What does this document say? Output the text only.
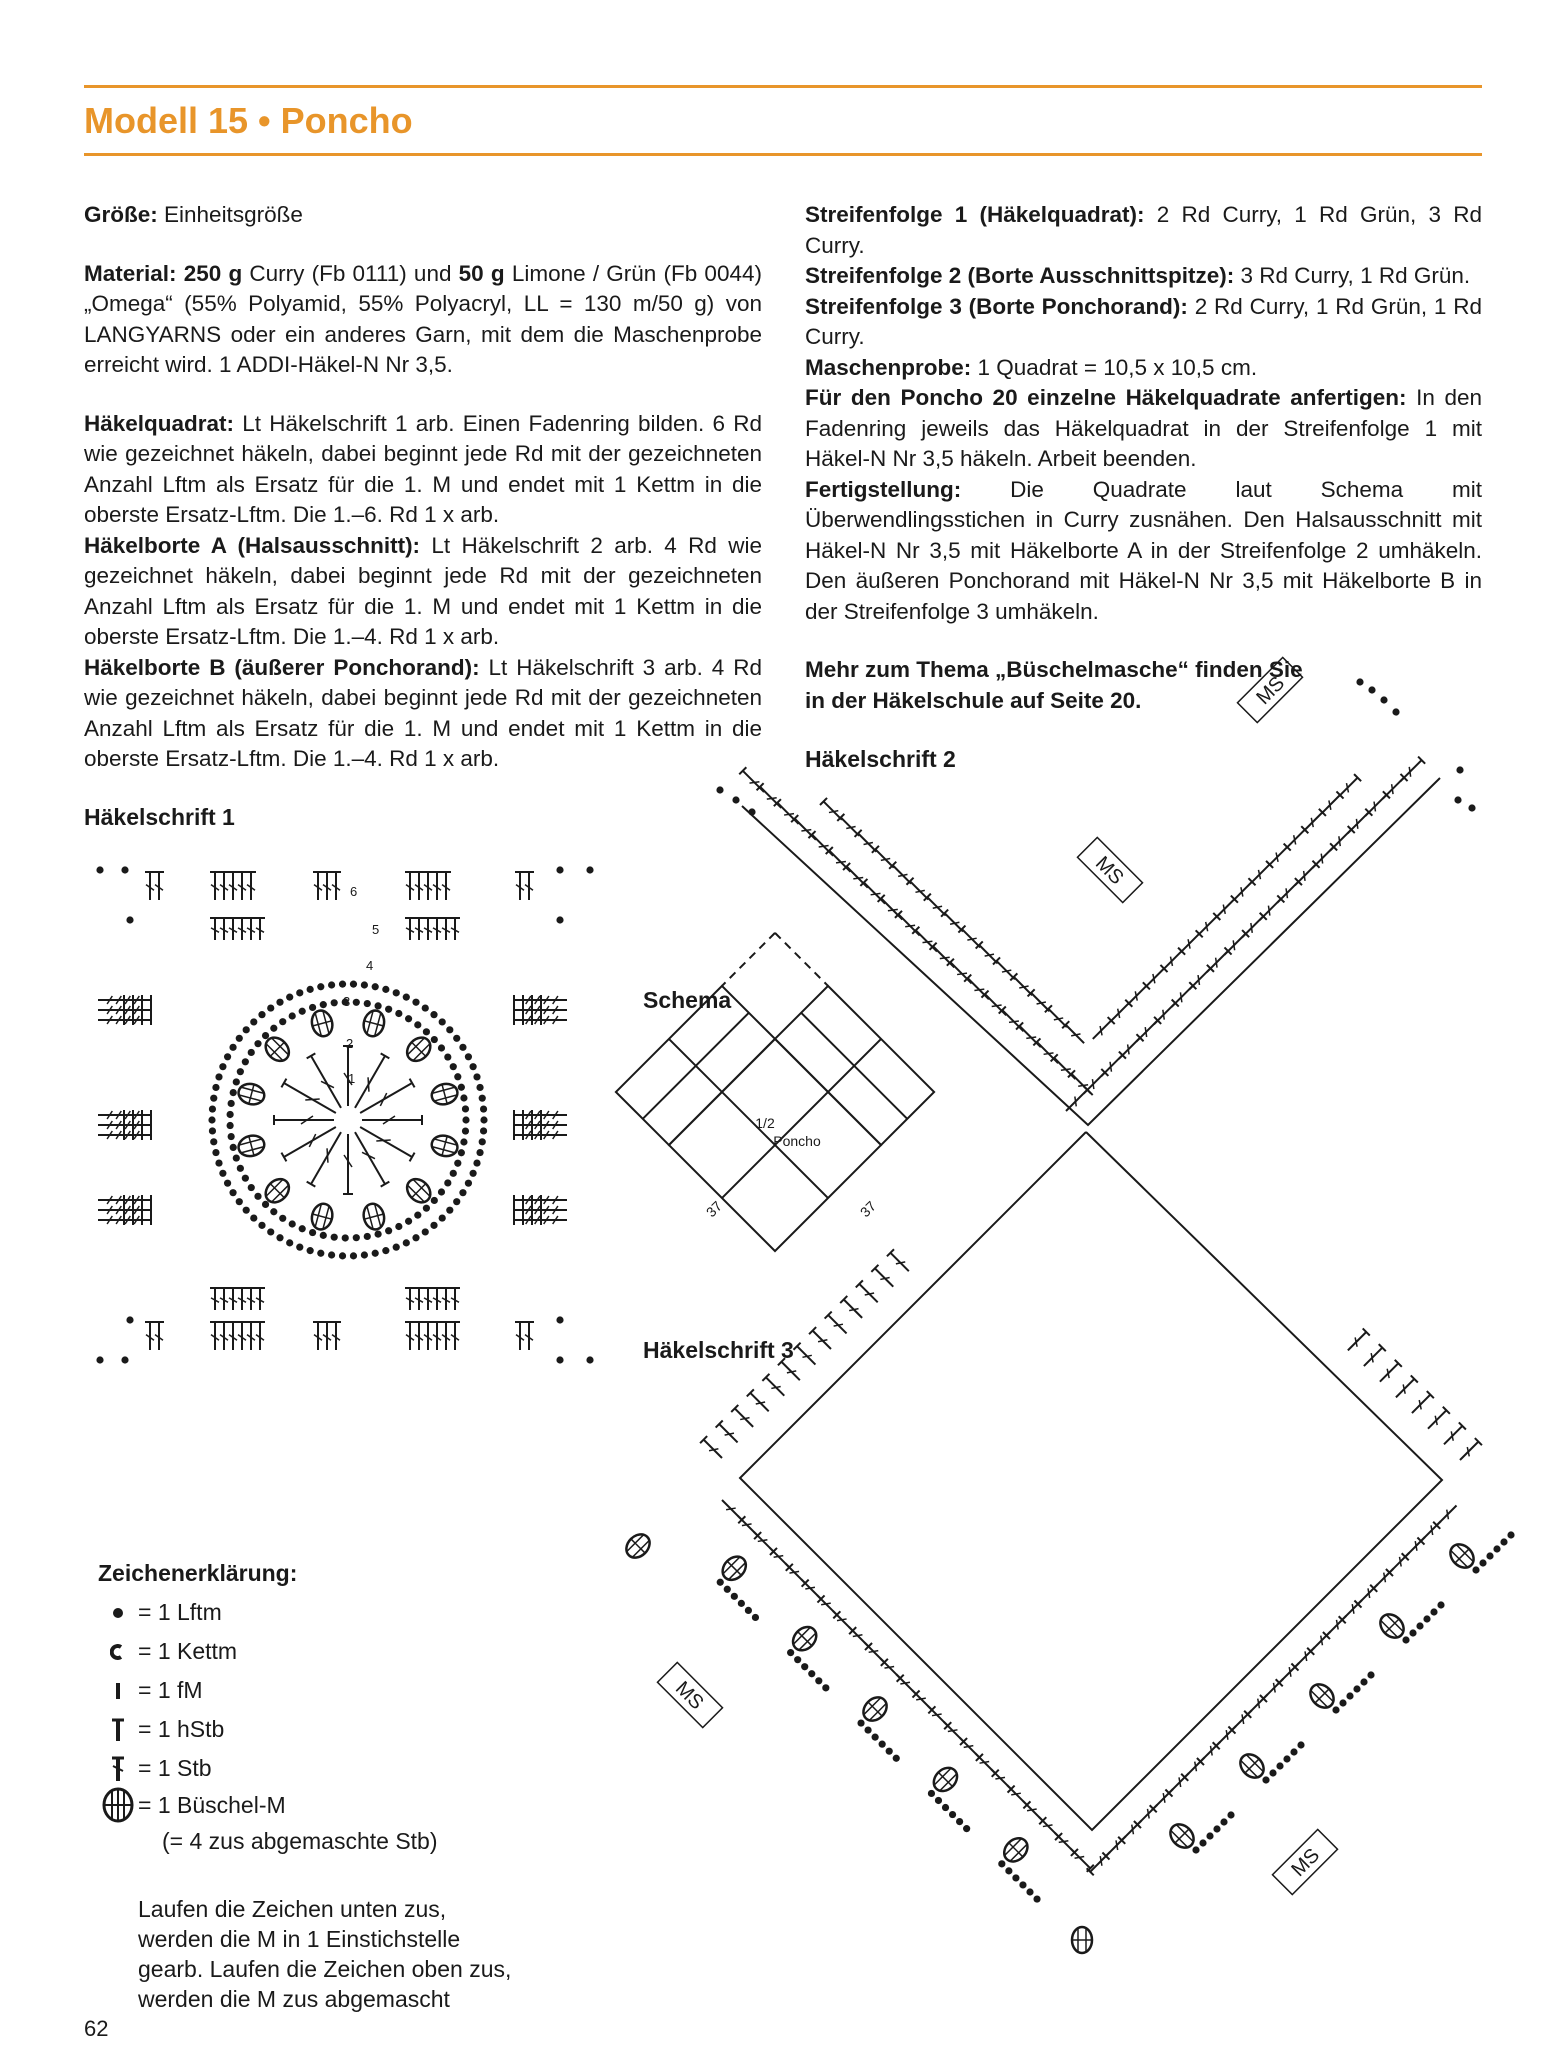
Modell 15 • Poncho

Größe: Einheitsgröße

Material: 250 g Curry (Fb 0111) und 50 g Limone / Grün (Fb 0044) „Omega“ (55% Polyamid, 55% Polyacryl, LL = 130 m/50 g) von LANGYARNS oder ein anderes Garn, mit dem die Maschenprobe erreicht wird. 1 ADDI-Häkel-N Nr 3,5.

Häkelquadrat: Lt Häkelschrift 1 arb. Einen Fadenring bilden. 6 Rd wie gezeichnet häkeln, dabei beginnt jede Rd mit der gezeichneten Anzahl Lftm als Ersatz für die 1. M und endet mit 1 Kettm in die oberste Ersatz-Lftm. Die 1.–6. Rd 1 x arb.

Häkelborte A (Halsausschnitt): Lt Häkelschrift 2 arb. 4 Rd wie gezeichnet häkeln, dabei beginnt jede Rd mit der gezeichneten Anzahl Lftm als Ersatz für die 1. M und endet mit 1 Kettm in die oberste Ersatz-Lftm. Die 1.–4. Rd 1 x arb.

Häkelborte B (äußerer Ponchorand): Lt Häkelschrift 3 arb. 4 Rd wie gezeichnet häkeln, dabei beginnt jede Rd mit der gezeichneten Anzahl Lftm als Ersatz für die 1. M und endet mit 1 Kettm in die oberste Ersatz-Lftm. Die 1.–4. Rd 1 x arb.

Streifenfolge 1 (Häkelquadrat): 2 Rd Curry, 1 Rd Grün, 3 Rd Curry.

Streifenfolge 2 (Borte Ausschnittspitze): 3 Rd Curry, 1 Rd Grün.

Streifenfolge 3 (Borte Ponchorand): 2 Rd Curry, 1 Rd Grün, 1 Rd Curry.

Maschenprobe: 1 Quadrat = 10,5 x 10,5 cm.

Für den Poncho 20 einzelne Häkelquadrate anfertigen: In den Fadenring jeweils das Häkelquadrat in der Streifenfolge 1 mit Häkel-N Nr 3,5 häkeln. Arbeit beenden.

Fertigstellung: Die Quadrate laut Schema mit Überwendlingsstichen in Curry zusnähen. Den Halsausschnitt mit Häkel-N Nr 3,5 mit Häkelborte A in der Streifenfolge 2 umhäkeln. Den äußeren Ponchorand mit Häkel-N Nr 3,5 mit Häkelborte B in der Streifenfolge 3 umhäkeln.

Mehr zum Thema „Büschelmasche“ finden Sie
in der Häkelschule auf Seite 20.

Häkelschrift 1
Häkelschrift 2
Schema
Häkelschrift 3
6
5
4
3
2
1
1/2
Poncho
37	37
MS
MS
MS
MS
Zeichenerklärung:
= 1 Lftm
= 1 Kettm
= 1 fM
= 1 hStb
= 1 Stb
= 1 Büschel-M
(= 4 zus abgemaschte Stb)
Laufen die Zeichen unten zus,
werden die M in 1 Einstichstelle
gearb. Laufen die Zeichen oben zus,
werden die M zus abgemascht
62
